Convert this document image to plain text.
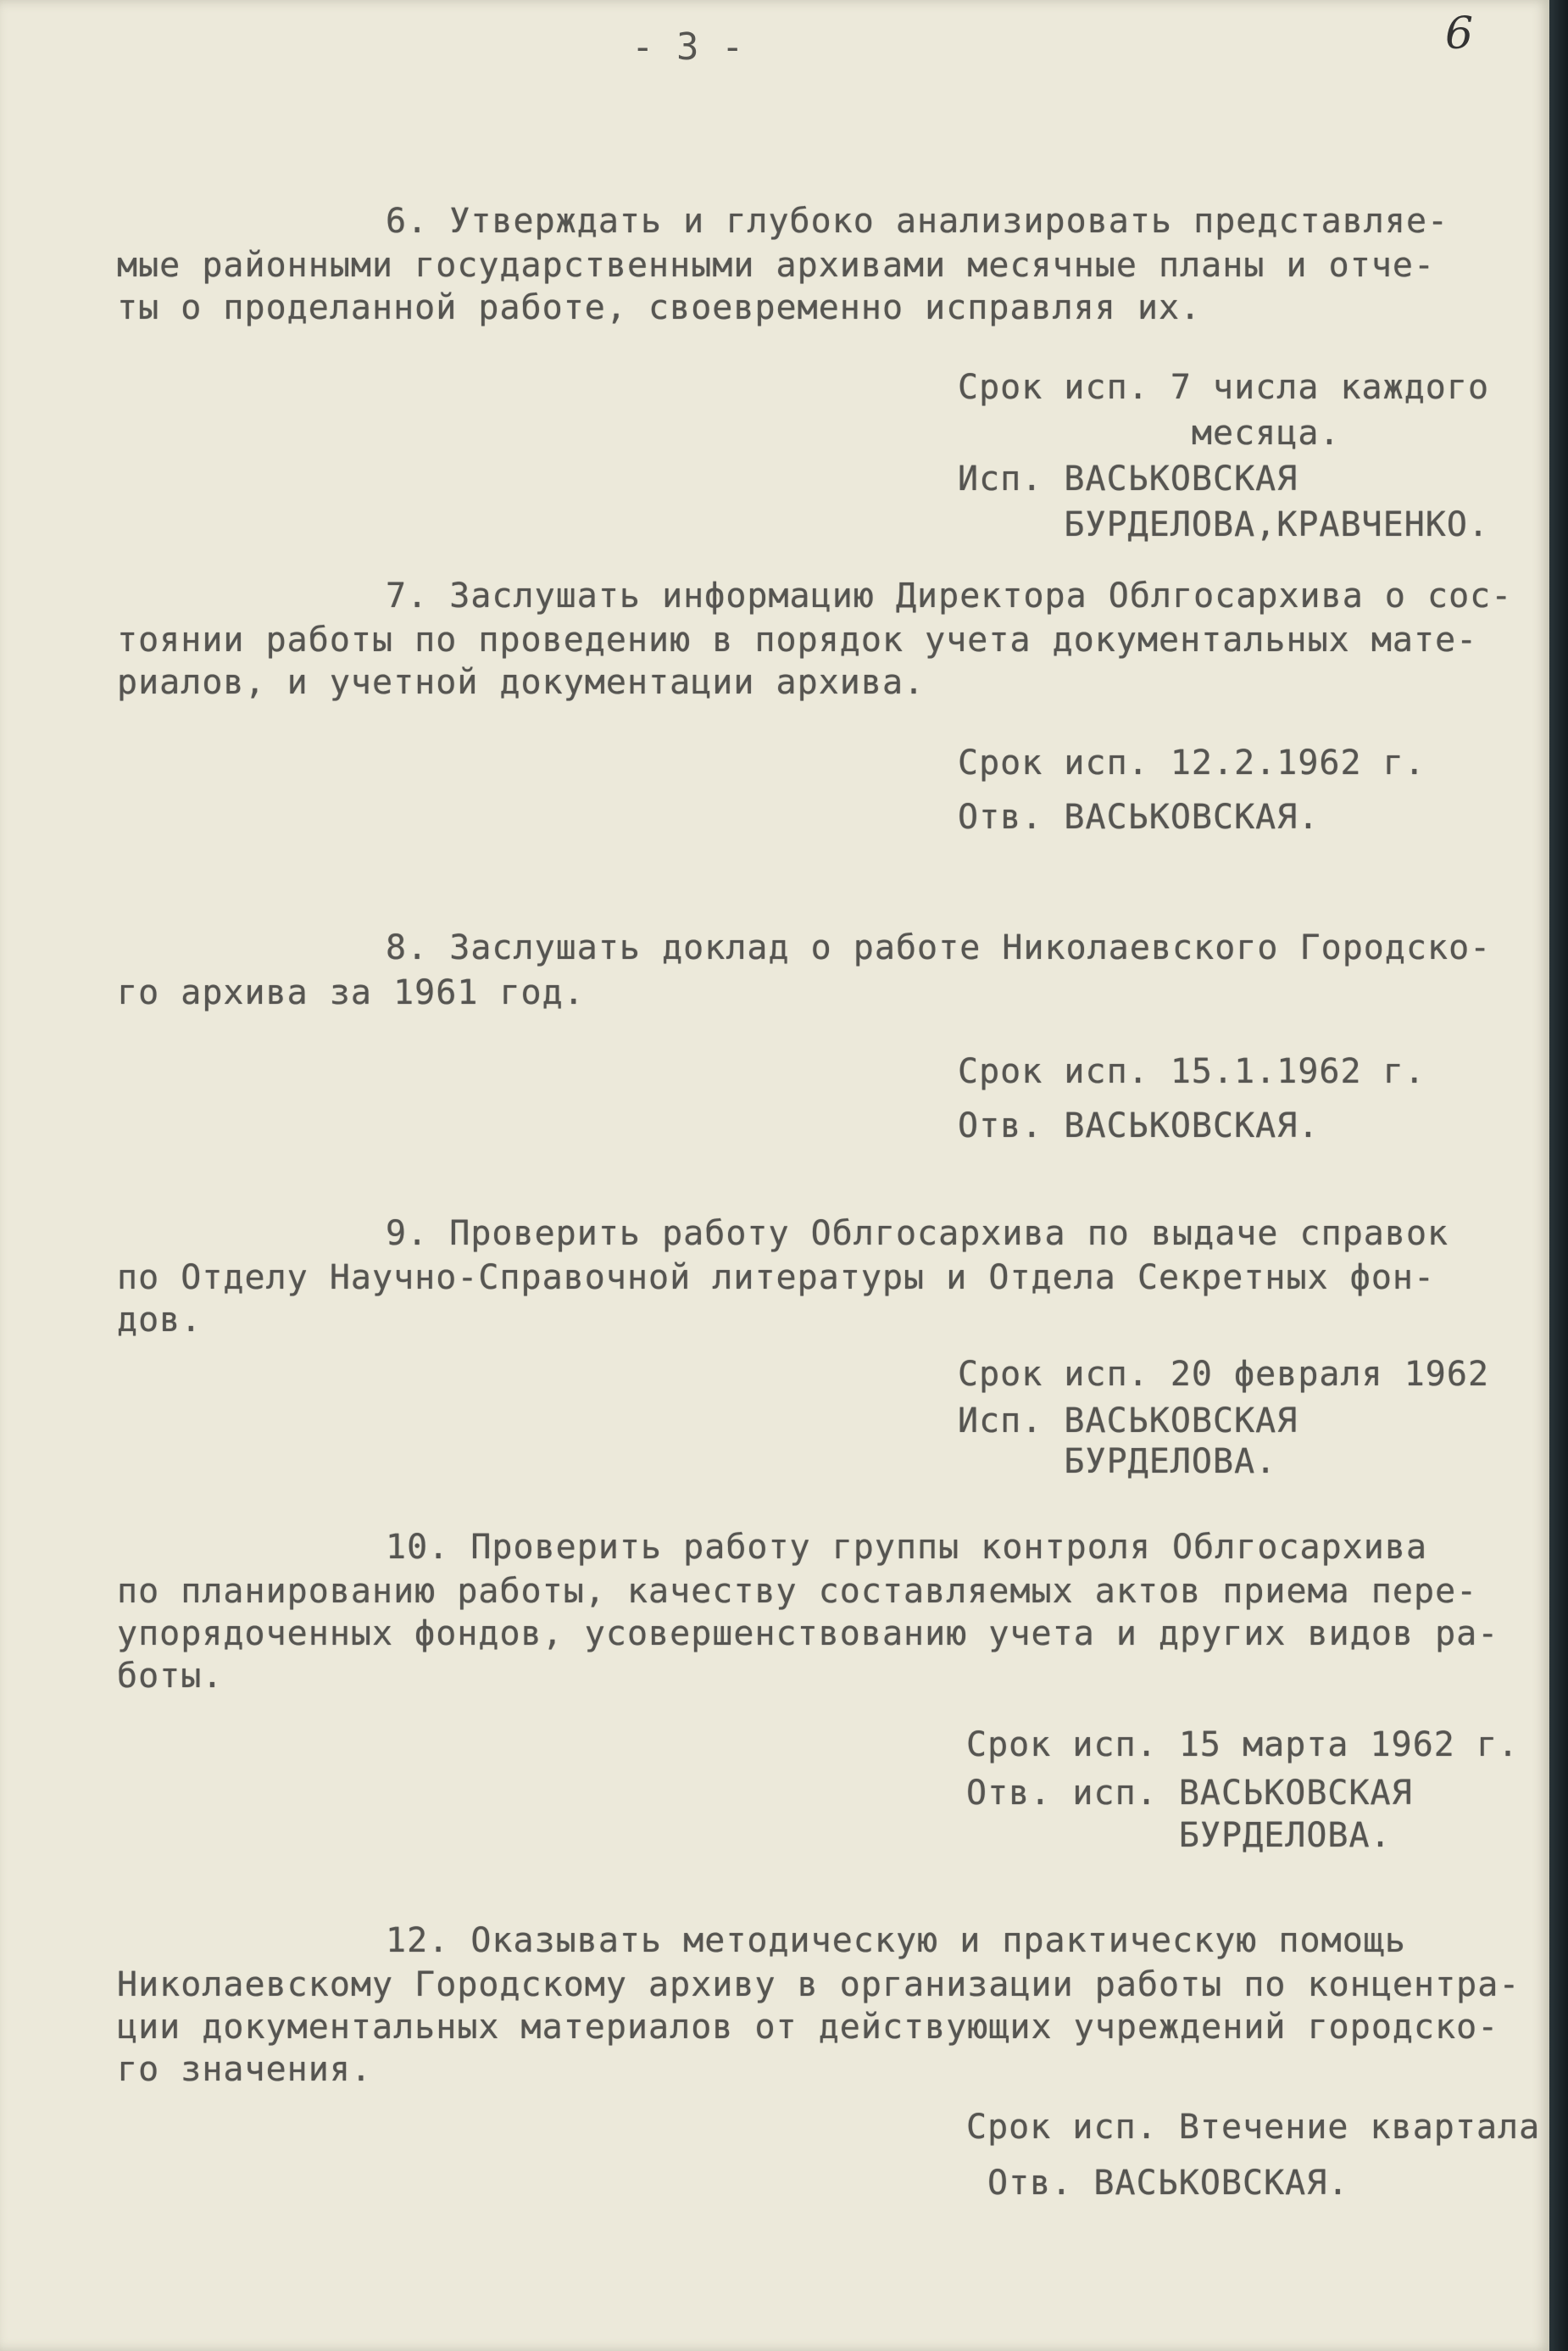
- 3 -	6
6. Утверждать и глубоко анализировать представляе-
мые районными государственными архивами месячные планы и отче-
ты о проделанной работе, своевременно исправляя их.
Срок исп. 7 числа каждого
месяца.
Исп. ВАСЬКОВСКАЯ
БУРДЕЛОВА,КРАВЧЕНКО.
7. Заслушать информацию Директора Облгосархива о сос-
тоянии работы по проведению в порядок учета документальных мате-
риалов, и учетной документации архива.
Срок исп. 12.2.1962 г.
Отв. ВАСЬКОВСКАЯ.
8. Заслушать доклад о работе Николаевского Городско-
го архива за 1961 год.
Срок исп. 15.1.1962 г.
Отв. ВАСЬКОВСКАЯ.
9. Проверить работу Облгосархива по выдаче справок
по Отделу Научно-Справочной литературы и Отдела Секретных фон-
дов.
Срок исп. 20 февраля 1962
Исп. ВАСЬКОВСКАЯ
БУРДЕЛОВА.
10. Проверить работу группы контроля Облгосархива
по планированию работы, качеству составляемых актов приема пере-
упорядоченных фондов, усовершенствованию учета и других видов ра-
боты.
Срок исп. 15 марта 1962 г.
Отв. исп. ВАСЬКОВСКАЯ
БУРДЕЛОВА.
12. Оказывать методическую и практическую помощь
Николаевскому Городскому архиву в организации работы по концентра-
ции документальных материалов от действующих учреждений городско-
го значения.
Срок исп. Втечение квартала
Отв. ВАСЬКОВСКАЯ.
